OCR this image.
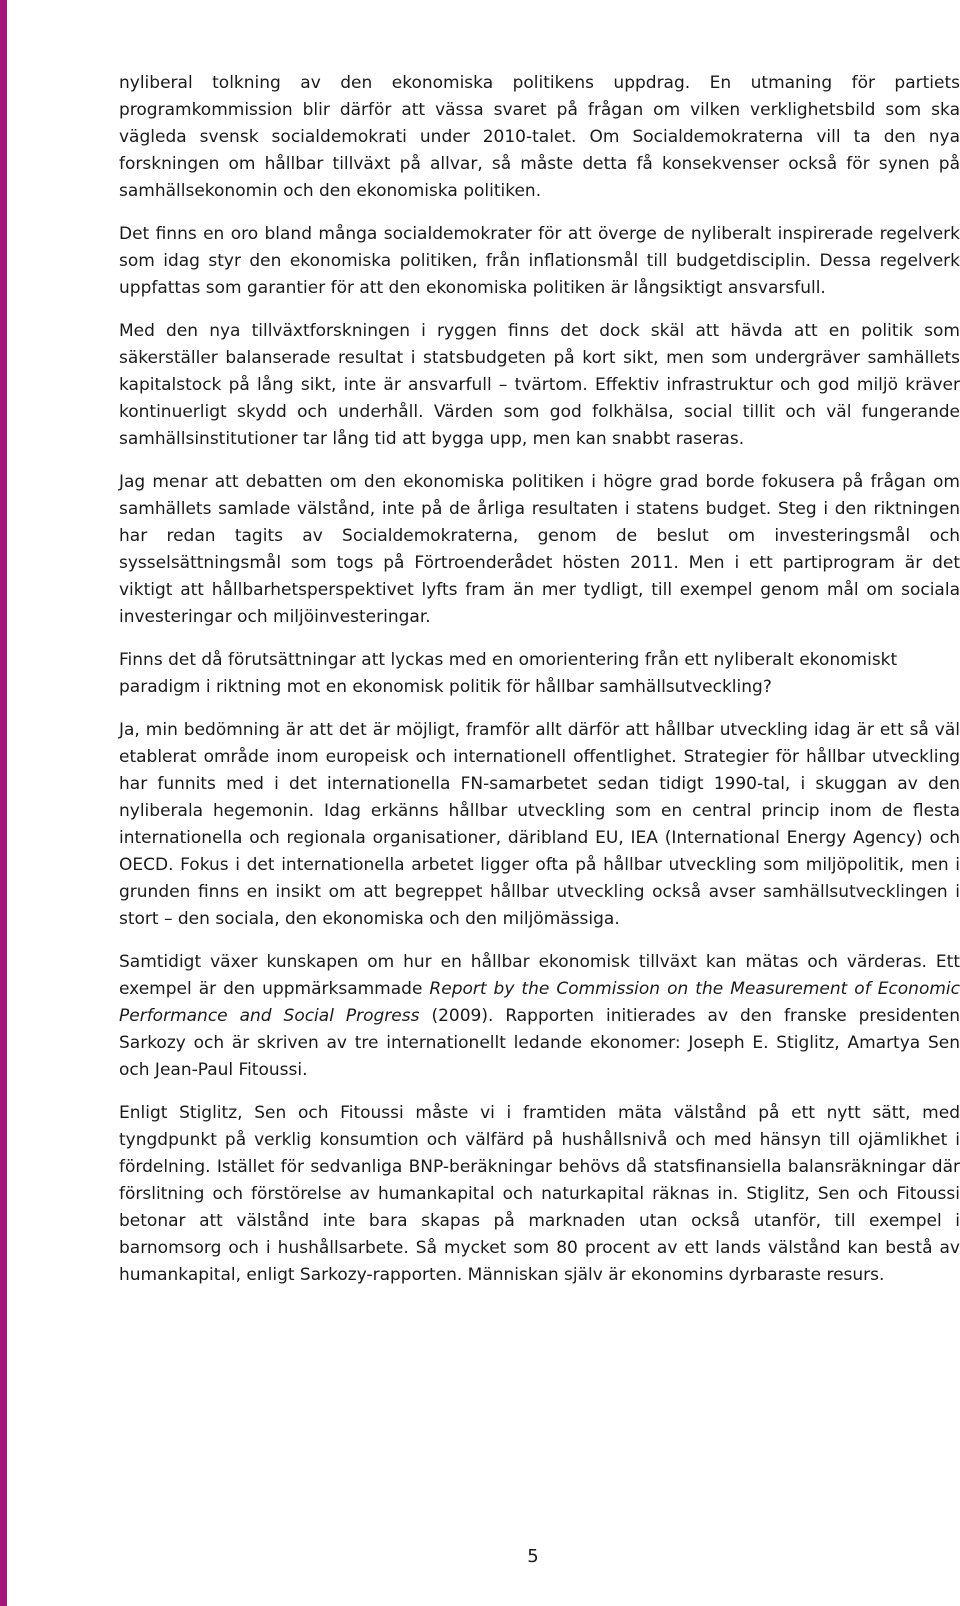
nyliberal tolkning av den ekonomiska politikens uppdrag. En utmaning för partiets programkommission blir därför att vässa svaret på frågan om vilken verklighetsbild som ska vägleda svensk socialdemokrati under 2010-talet. Om Socialdemokraterna vill ta den nya forskningen om hållbar tillväxt på allvar, så måste detta få konsekvenser också för synen på samhällsekonomin och den ekonomiska politiken.

Det finns en oro bland många socialdemokrater för att överge de nyliberalt inspirerade regelverk som idag styr den ekonomiska politiken, från inflationsmål till budgetdisciplin. Dessa regelverk uppfattas som garantier för att den ekonomiska politiken är långsiktigt ansvarsfull.

Med den nya tillväxtforskningen i ryggen finns det dock skäl att hävda att en politik som säkerställer balanserade resultat i statsbudgeten på kort sikt, men som undergräver samhällets kapitalstock på lång sikt, inte är ansvarfull – tvärtom. Effektiv infrastruktur och god miljö kräver kontinuerligt skydd och underhåll. Värden som god folkhälsa, social tillit och väl fungerande samhällsinstitutioner tar lång tid att bygga upp, men kan snabbt raseras.

Jag menar att debatten om den ekonomiska politiken i högre grad borde fokusera på frågan om samhällets samlade välstånd, inte på de årliga resultaten i statens budget. Steg i den riktningen har redan tagits av Socialdemokraterna, genom de beslut om investeringsmål och sysselsättningsmål som togs på Förtroenderådet hösten 2011. Men i ett partiprogram är det viktigt att hållbarhetsperspektivet lyfts fram än mer tydligt, till exempel genom mål om sociala investeringar och miljöinvesteringar.

Finns det då förutsättningar att lyckas med en omorientering från ett nyliberalt ekonomiskt paradigm i riktning mot en ekonomisk politik för hållbar samhällsutveckling?

Ja, min bedömning är att det är möjligt, framför allt därför att hållbar utveckling idag är ett så väl etablerat område inom europeisk och internationell offentlighet. Strategier för hållbar utveckling har funnits med i det internationella FN-samarbetet sedan tidigt 1990-tal, i skuggan av den nyliberala hegemonin. Idag erkänns hållbar utveckling som en central princip inom de flesta internationella och regionala organisationer, däribland EU, IEA (International Energy Agency) och OECD. Fokus i det internationella arbetet ligger ofta på hållbar utveckling som miljöpolitik, men i grunden finns en insikt om att begreppet hållbar utveckling också avser samhällsutvecklingen i stort – den sociala, den ekonomiska och den miljömässiga.

Samtidigt växer kunskapen om hur en hållbar ekonomisk tillväxt kan mätas och värderas. Ett exempel är den uppmärksammade Report by the Commission on the Measurement of Economic Performance and Social Progress (2009). Rapporten initierades av den franske presidenten Sarkozy och är skriven av tre internationellt ledande ekonomer: Joseph E. Stiglitz, Amartya Sen och Jean-Paul Fitoussi.

Enligt Stiglitz, Sen och Fitoussi måste vi i framtiden mäta välstånd på ett nytt sätt, med tyngdpunkt på verklig konsumtion och välfärd på hushållsnivå och med hänsyn till ojämlikhet i fördelning. Istället för sedvanliga BNP-beräkningar behövs då statsfinansiella balansräkningar där förslitning och förstörelse av humankapital och naturkapital räknas in. Stiglitz, Sen och Fitoussi betonar att välstånd inte bara skapas på marknaden utan också utanför, till exempel i barnomsorg och i hushållsarbete. Så mycket som 80 procent av ett lands välstånd kan bestå av humankapital, enligt Sarkozy-rapporten. Människan själv är ekonomins dyrbaraste resurs.

5
